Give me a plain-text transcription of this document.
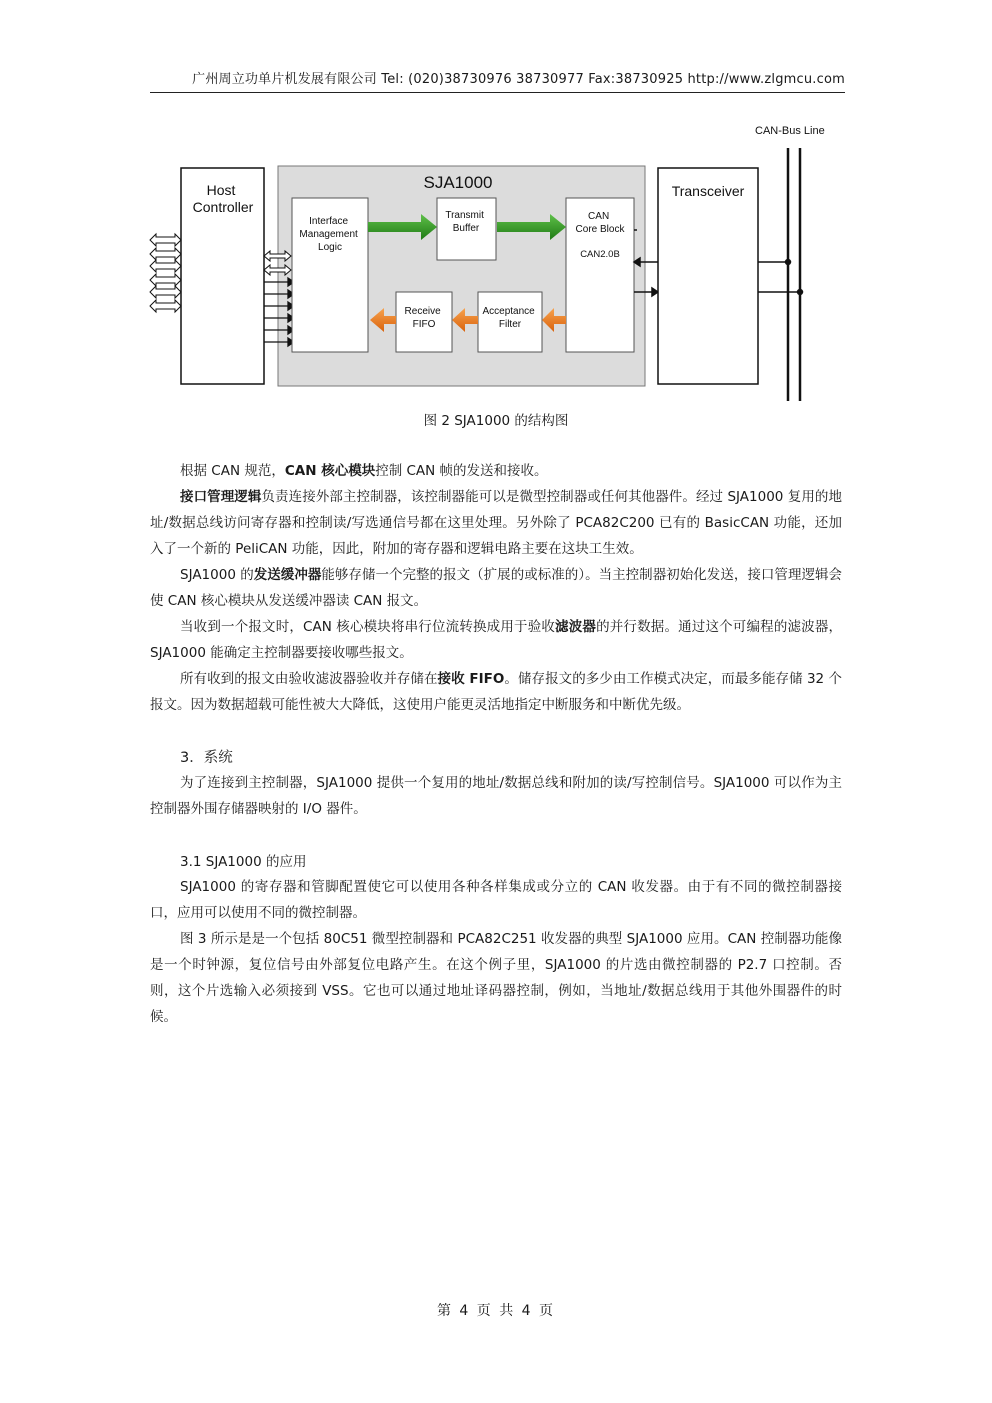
广州周立功单片机发展有限公司 Tel: (020)38730976 38730977 Fax:38730925 http://www.zlgmcu.com
CAN-Bus Line
Host Controller
SJA1000
Interface Management Logic
Transmit Buffer
CAN Core Block
CAN2.0B
Receive FIFO
Acceptance Filter
Transceiver
图 2 SJA1000 的结构图

根据 CAN 规范，CAN 核心模块控制 CAN 帧的发送和接收。

接口管理逻辑负责连接外部主控制器，该控制器能可以是微型控制器或任何其他器件。经过 SJA1000 复用的地址/数据总线访问寄存器和控制读/写选通信号都在这里处理。另外除了 PCA82C200 已有的 BasicCAN 功能，还加入了一个新的 PeliCAN 功能，因此，附加的寄存器和逻辑电路主要在这块工生效。

SJA1000 的发送缓冲器能够存储一个完整的报文（扩展的或标准的）。当主控制器初始化发送，接口管理逻辑会使 CAN 核心模块从发送缓冲器读 CAN 报文。

当收到一个报文时，CAN 核心模块将串行位流转换成用于验收滤波器的并行数据。通过这个可编程的滤波器，SJA1000 能确定主控制器要接收哪些报文。

所有收到的报文由验收滤波器验收并存储在接收 FIFO。储存报文的多少由工作模式决定，而最多能存储 32 个报文。因为数据超载可能性被大大降低，这使用户能更灵活地指定中断服务和中断优先级。

3．系统

为了连接到主控制器，SJA1000 提供一个复用的地址/数据总线和附加的读/写控制信号。SJA1000 可以作为主控制器外围存储器映射的 I/O 器件。

3.1 SJA1000 的应用

SJA1000 的寄存器和管脚配置使它可以使用各种各样集成或分立的 CAN 收发器。由于有不同的微控制器接口，应用可以使用不同的微控制器。

图 3 所示是是一个包括 80C51 微型控制器和 PCA82C251 收发器的典型 SJA1000 应用。CAN 控制器功能像是一个时钟源，复位信号由外部复位电路产生。在这个例子里，SJA1000 的片选由微控制器的 P2.7 口控制。否则，这个片选输入必须接到 VSS。它也可以通过地址译码器控制，例如，当地址/数据总线用于其他外围器件的时候。

第 4 页 共 4 页
